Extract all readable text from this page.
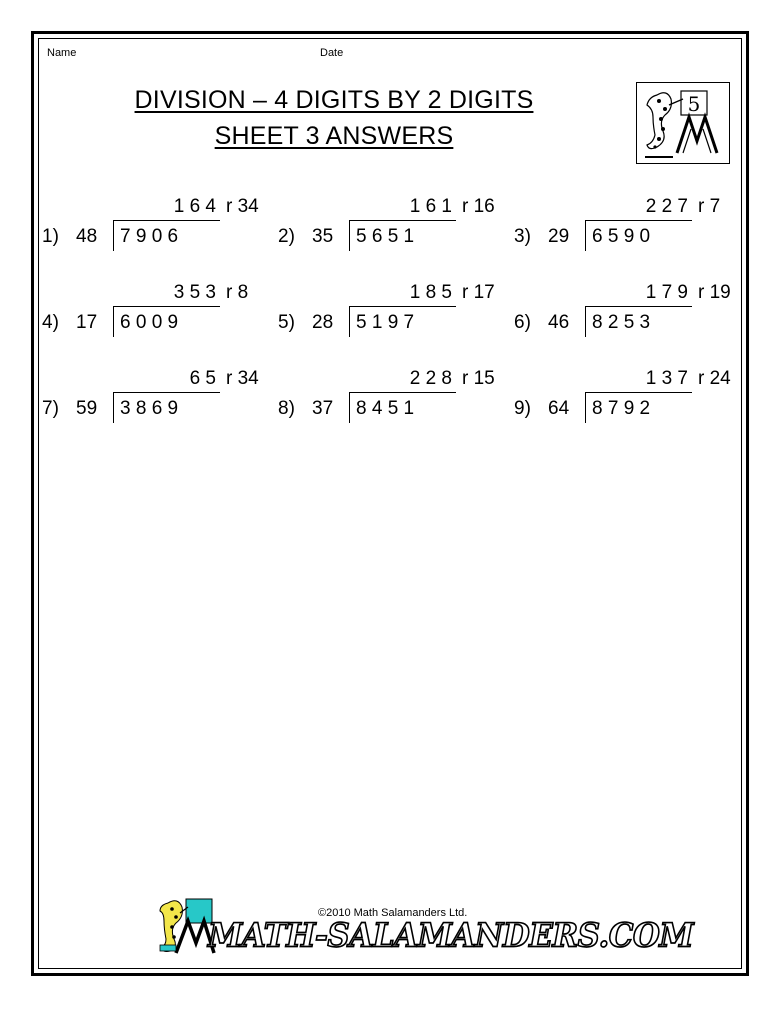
Name	Date
DIVISION – 4 DIGITS BY 2 DIGITS
SHEET 3 ANSWERS
5
1) 48 7 9 0 6
1 6 4 r 34
2) 35 5 6 5 1
1 6 1 r 16
3) 29 6 5 9 0
2 2 7 r 7
4) 17 6 0 0 9
3 5 3 r 8
5) 28 5 1 9 7
1 8 5 r 17
6) 46 8 2 5 3
1 7 9 r 19
7) 59 3 8 6 9
6 5 r 34
8) 37 8 4 5 1
2 2 8 r 15
9) 64 8 7 9 2
1 3 7 r 24
©2010 Math Salamanders Ltd.
MATH-SALAMANDERS.COM
